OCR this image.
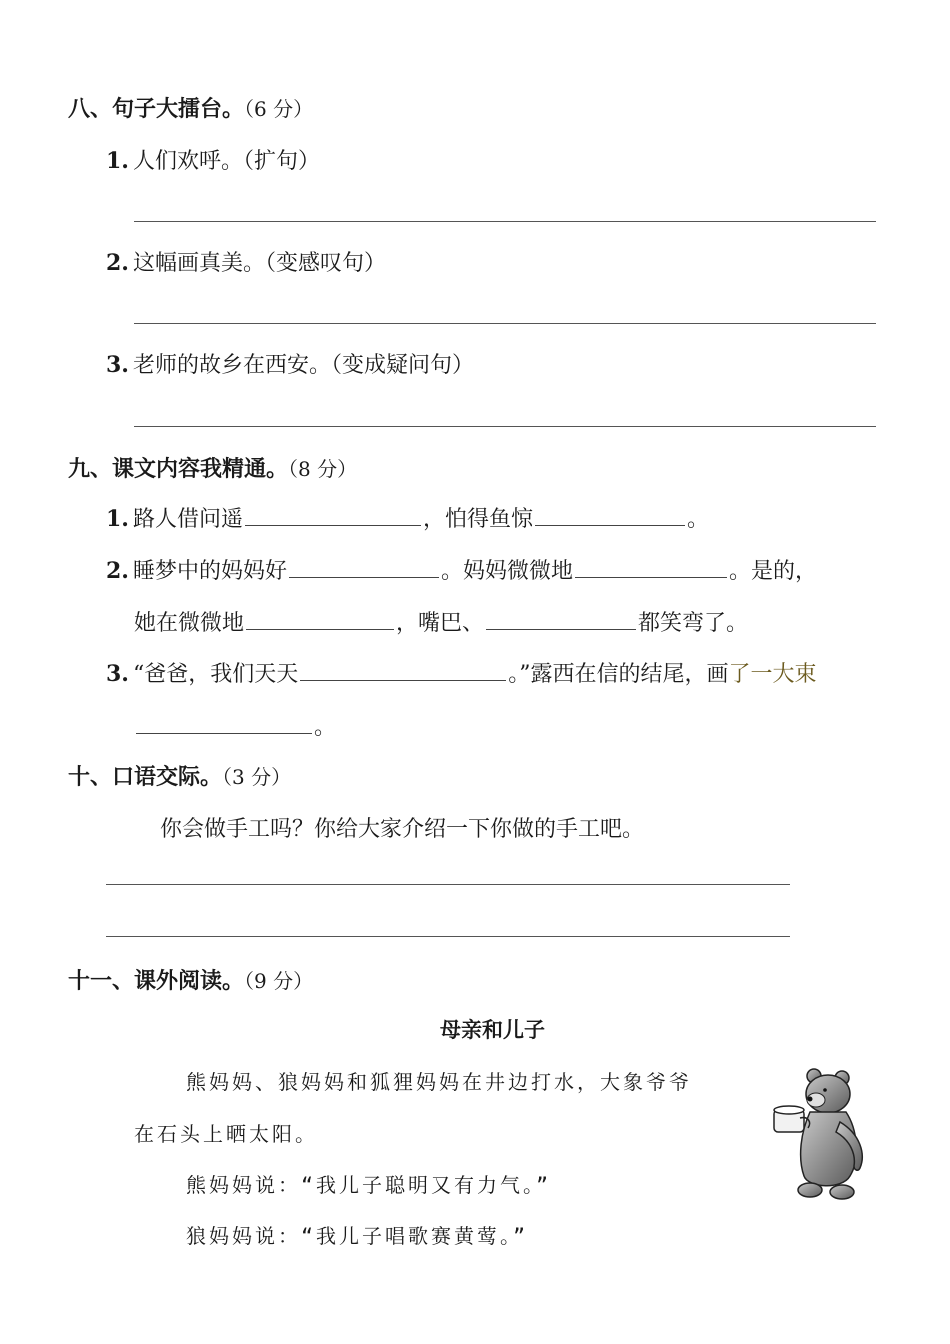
八、句子大擂台。（6 分）
1. 人们欢呼。（扩句）
2. 这幅画真美。（变感叹句）
3. 老师的故乡在西安。（变成疑问句）
九、课文内容我精通。（8 分）
1. 路人借问遥	，怕得鱼惊	。
2. 睡梦中的妈妈好	。妈妈微微地	。是的，
她在微微地	，嘴巴、	都笑弯了。
3. “爸爸，我们天天	。”露西在信的结尾，画了一大束
。
十、口语交际。（3 分）
你会做手工吗？你给大家介绍一下你做的手工吧。
十一、课外阅读。（9 分）
母亲和儿子
熊妈妈、狼妈妈和狐狸妈妈在井边打水，大象爷爷
在石头上晒太阳。
熊妈妈说：“我儿子聪明又有力气。”
狼妈妈说：“我儿子唱歌赛黄莺。”
